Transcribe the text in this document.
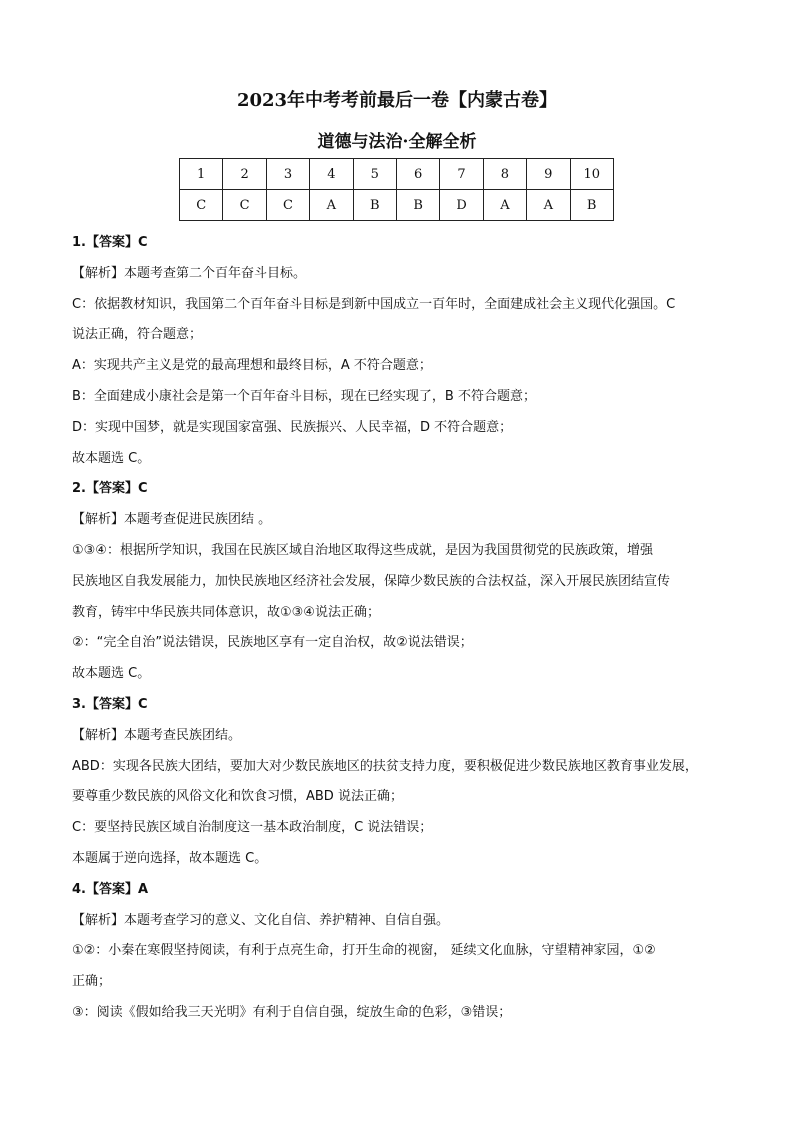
2023年中考考前最后一卷【内蒙古卷】
道德与法治·全解全析
1	2	3	4	5	6	7	8	9	10
C	C	C	A	B	B	D	A	A	B
1.【答案】C
【解析】本题考查第二个百年奋斗目标。
C：依据教材知识，我国第二个百年奋斗目标是到新中国成立一百年时，全面建成社会主义现代化强国。C
说法正确，符合题意；
A：实现共产主义是党的最高理想和最终目标，A 不符合题意；
B：全面建成小康社会是第一个百年奋斗目标，现在已经实现了，B 不符合题意；
D：实现中国梦，就是实现国家富强、民族振兴、人民幸福，D 不符合题意；
故本题选 C。
2.【答案】C
【解析】本题考查促进民族团结 。
①③④：根据所学知识，我国在民族区域自治地区取得这些成就，是因为我国贯彻党的民族政策，增强
民族地区自我发展能力，加快民族地区经济社会发展，保障少数民族的合法权益，深入开展民族团结宣传
教育，铸牢中华民族共同体意识，故①③④说法正确；
②：“完全自治”说法错误，民族地区享有一定自治权，故②说法错误；
故本题选 C。
3.【答案】C
【解析】本题考查民族团结。
ABD：实现各民族大团结，要加大对少数民族地区的扶贫支持力度，要积极促进少数民族地区教育事业发展，
要尊重少数民族的风俗文化和饮食习惯，ABD 说法正确；
C：要坚持民族区域自治制度这一基本政治制度，C 说法错误；
本题属于逆向选择，故本题选 C。
4.【答案】A
【解析】本题考查学习的意义、文化自信、养护精神、自信自强。
①②：小秦在寒假坚持阅读，有利于点亮生命，打开生命的视窗， 延续文化血脉，守望精神家园，①②
正确；
③：阅读《假如给我三天光明》有利于自信自强，绽放生命的色彩，③错误；
